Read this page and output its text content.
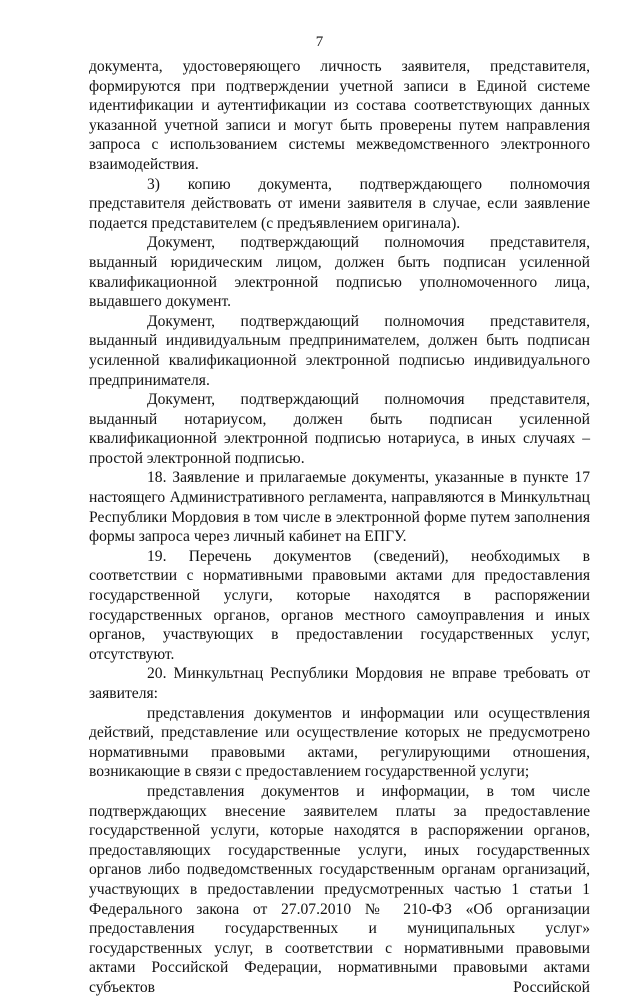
7

документа, удостоверяющего личность заявителя, представителя, формируются при подтверждении учетной записи в Единой системе идентификации и аутентификации из состава соответствующих данных указанной учетной записи и могут быть проверены путем направления запроса с использованием системы межведомственного электронного взаимодействия.

3) копию документа, подтверждающего полномочия представителя действовать от имени заявителя в случае, если заявление подается представителем (с предъявлением оригинала).

Документ, подтверждающий полномочия представителя, выданный юридическим лицом, должен быть подписан усиленной квалификационной электронной подписью уполномоченного лица, выдавшего документ.

Документ, подтверждающий полномочия представителя, выданный индивидуальным предпринимателем, должен быть подписан усиленной квалификационной электронной подписью индивидуального предпринимателя.

Документ, подтверждающий полномочия представителя, выданный нотариусом, должен быть подписан усиленной квалификационной электронной подписью нотариуса, в иных случаях – простой электронной подписью.

18. Заявление и прилагаемые документы, указанные в пункте 17 настоящего Административного регламента, направляются в Минкультнац Республики Мордовия в том числе в электронной форме путем заполнения формы запроса через личный кабинет на ЕПГУ.

19. Перечень документов (сведений), необходимых в соответствии с нормативными правовыми актами для предоставления государственной услуги, которые находятся в распоряжении государственных органов, органов местного самоуправления и иных органов, участвующих в предоставлении государственных услуг, отсутствуют.

20. Минкультнац Республики Мордовия не вправе требовать от заявителя:

представления документов и информации или осуществления действий, представление или осуществление которых не предусмотрено нормативными правовыми актами, регулирующими отношения, возникающие в связи с предоставлением государственной услуги;

представления документов и информации, в том числе подтверждающих внесение заявителем платы за предоставление государственной услуги, которые находятся в распоряжении органов, предоставляющих государственные услуги, иных государственных органов либо подведомственных государственным органам организаций, участвующих в предоставлении предусмотренных частью 1 статьи 1 Федерального закона от 27.07.2010 № 210-ФЗ «Об организации предоставления государственных и муниципальных услуг» государственных услуг, в соответствии с нормативными правовыми актами Российской Федерации, нормативными правовыми актами субъектов Российской
